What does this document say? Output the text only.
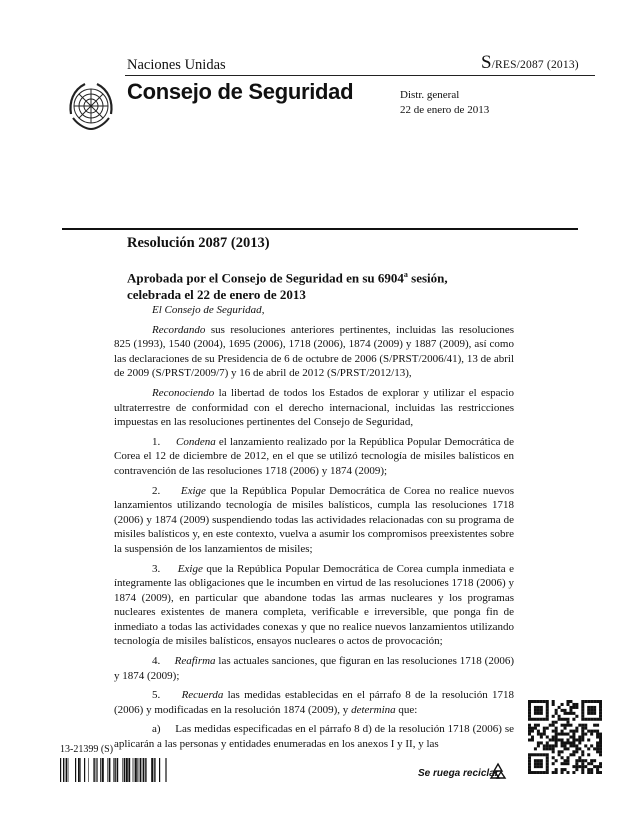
Naciones Unidas	S/RES/2087 (2013)
Consejo de Seguridad	Distr. general
22 de enero de 2013
Resolución 2087 (2013)
Aprobada por el Consejo de Seguridad en su 6904$^a$ sesión,
celebrada el 22 de enero de 2013

El Consejo de Seguridad,

Recordando sus resoluciones anteriores pertinentes, incluidas las resoluciones 825 (1993), 1540 (2004), 1695 (2006), 1718 (2006), 1874 (2009) y 1887 (2009), así como las declaraciones de su Presidencia de 6 de octubre de 2006 (S/PRST/2006/41), 13 de abril de 2009 (S/PRST/2009/7) y 16 de abril de 2012 (S/PRST/2012/13),

Reconociendo la libertad de todos los Estados de explorar y utilizar el espacio ultraterrestre de conformidad con el derecho internacional, incluidas las restricciones impuestas en las resoluciones pertinentes del Consejo de Seguridad,

1. Condena el lanzamiento realizado por la República Popular Democrática de Corea el 12 de diciembre de 2012, en el que se utilizó tecnología de misiles balísticos en contravención de las resoluciones 1718 (2006) y 1874 (2009);

2. Exige que la República Popular Democrática de Corea no realice nuevos lanzamientos utilizando tecnología de misiles balísticos, cumpla las resoluciones 1718 (2006) y 1874 (2009) suspendiendo todas las actividades relacionadas con su programa de misiles balísticos y, en este contexto, vuelva a asumir los compromisos preexistentes sobre la suspensión de los lanzamientos de misiles;

3. Exige que la República Popular Democrática de Corea cumpla inmediata e íntegramente las obligaciones que le incumben en virtud de las resoluciones 1718 (2006) y 1874 (2009), en particular que abandone todas las armas nucleares y los programas nucleares existentes de manera completa, verificable e irreversible, que ponga fin de inmediato a todas las actividades conexas y que no realice nuevos lanzamientos utilizando tecnología de misiles balísticos, ensayos nucleares o actos de provocación;

4. Reafirma las actuales sanciones, que figuran en las resoluciones 1718 (2006) y 1874 (2009);

5. Recuerda las medidas establecidas en el párrafo 8 de la resolución 1718 (2006) y modificadas en la resolución 1874 (2009), y determina que:

a) Las medidas especificadas en el párrafo 8 d) de la resolución 1718 (2006) se aplicarán a las personas y entidades enumeradas en los anexos I y II, y las

13-21399 (S)
Se ruega reciclar
